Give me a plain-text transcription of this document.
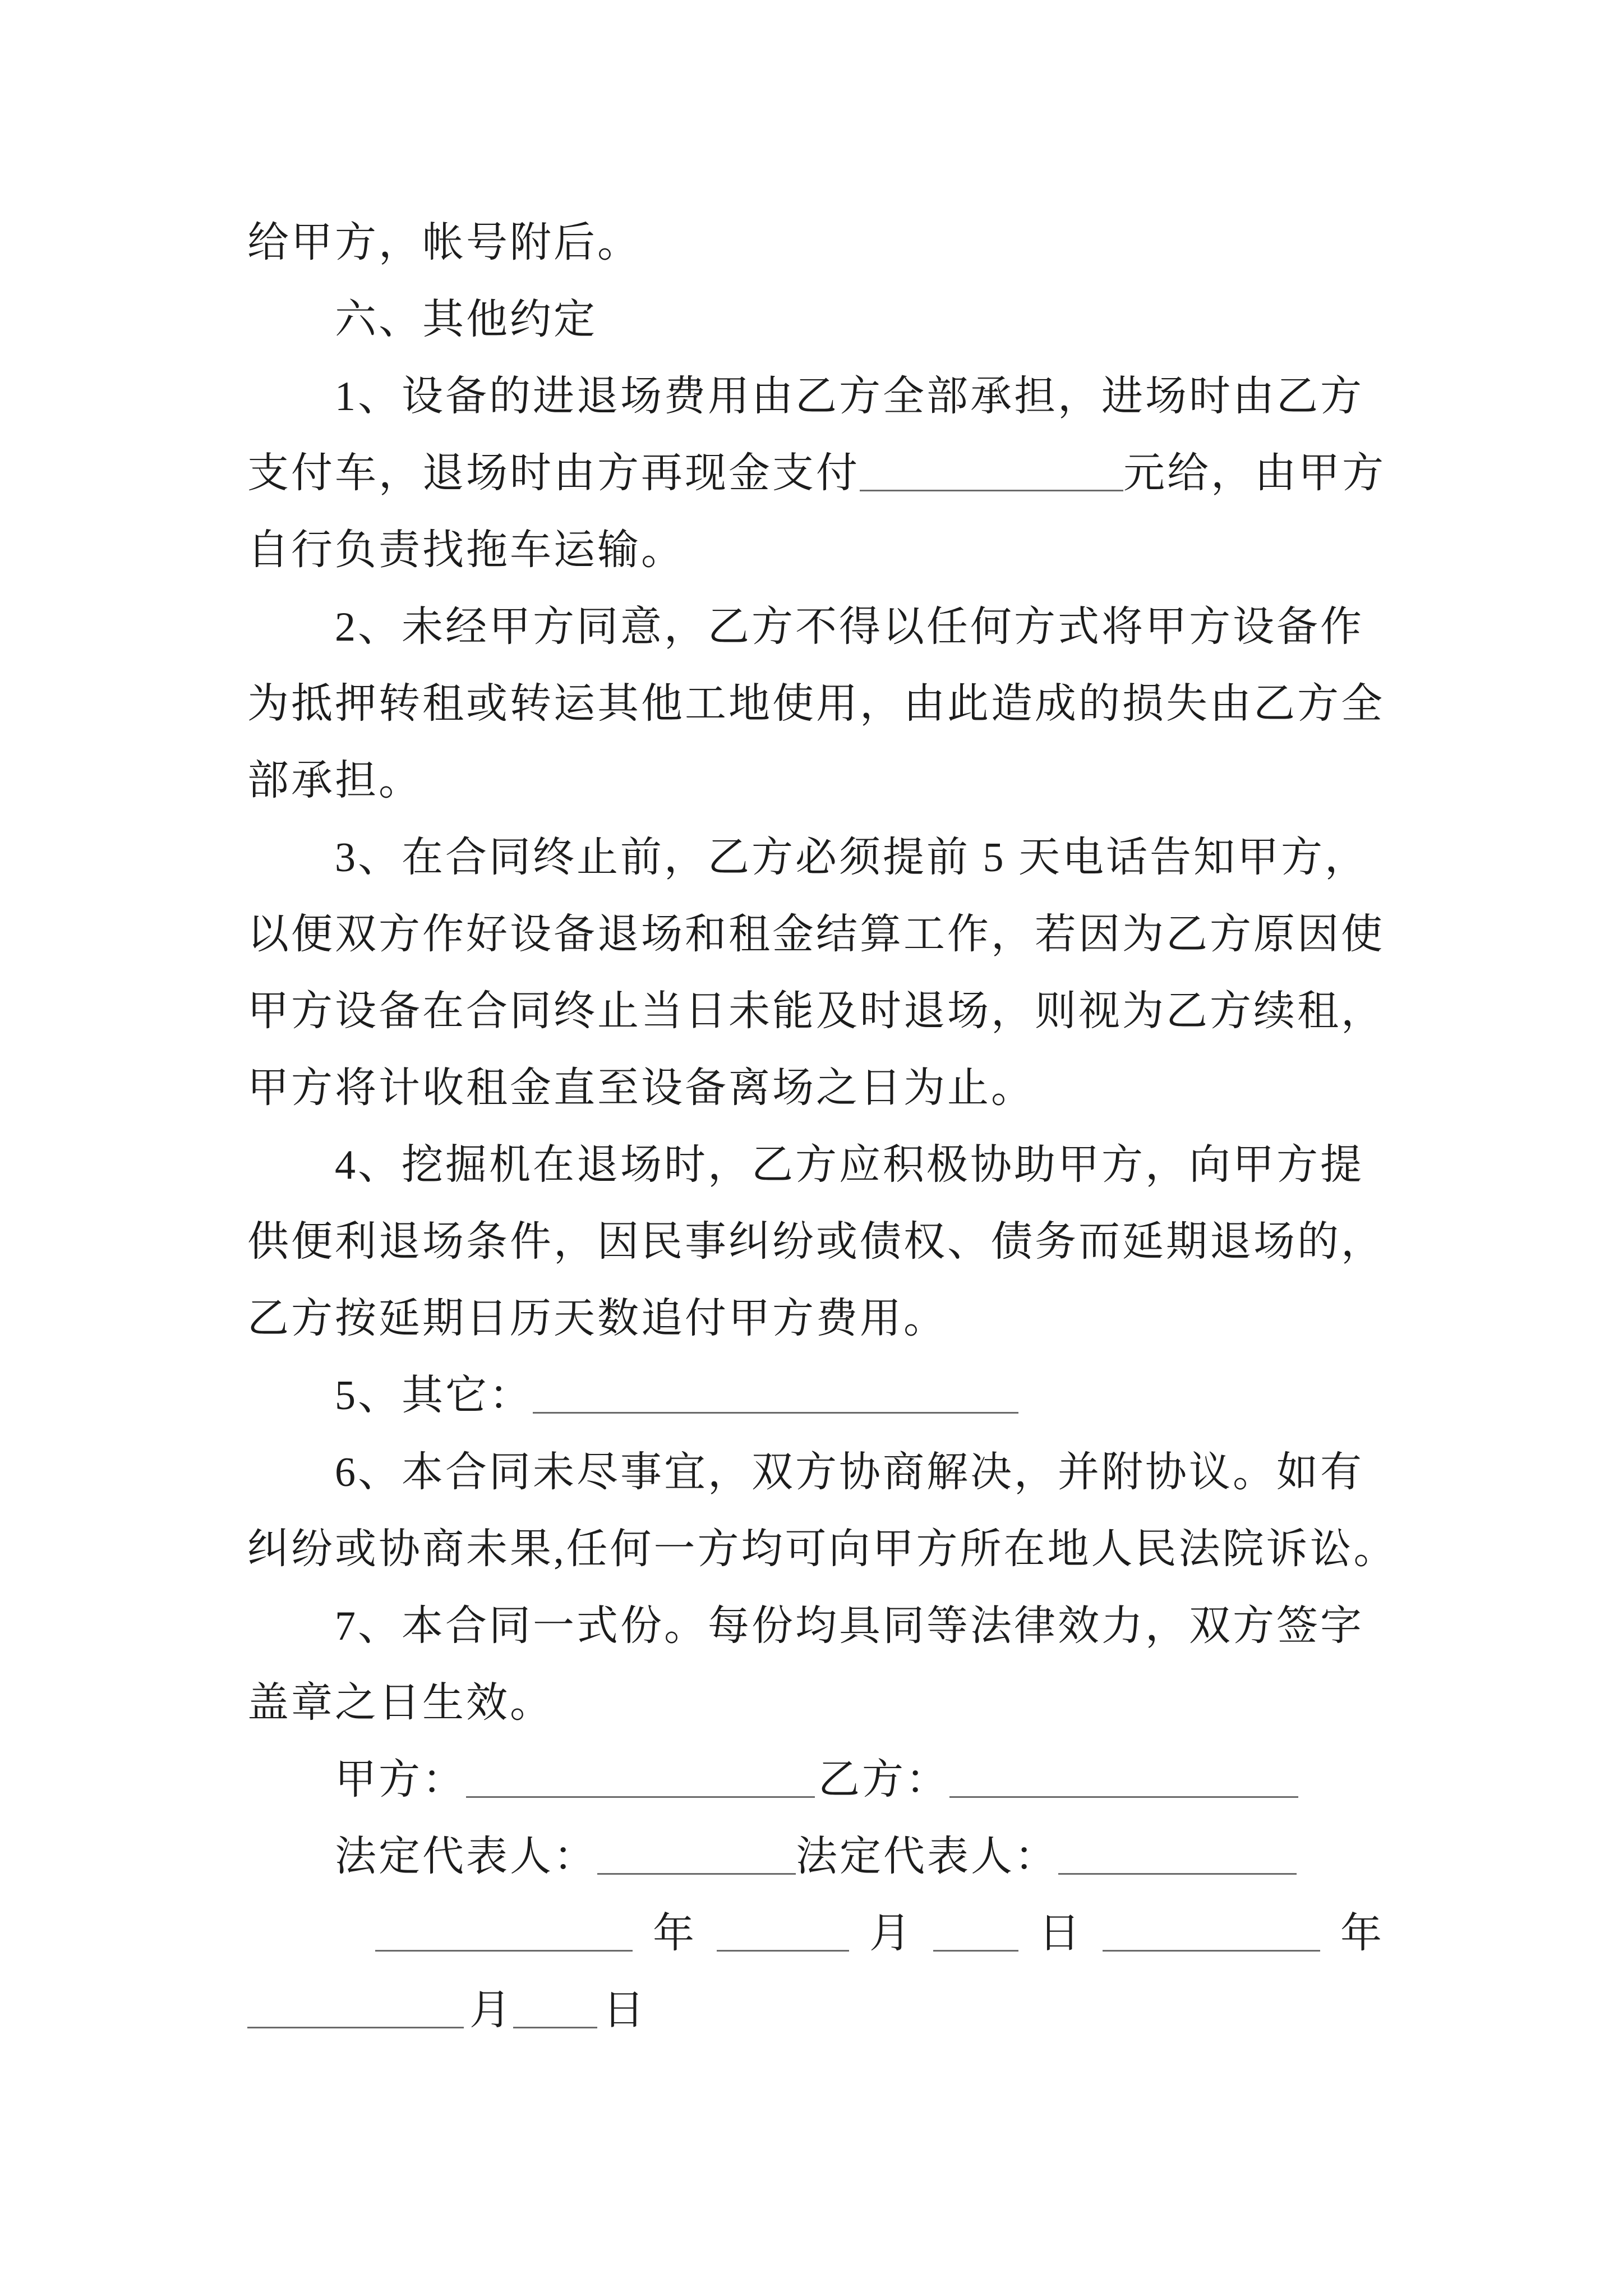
给甲方，帐号附后。
六、其他约定
1、设备的进退场费用由乙方全部承担，进场时由乙方
支付车，退场时由方再现金支付	元给，由甲方
自行负责找拖车运输。
2、未经甲方同意，乙方不得以任何方式将甲方设备作
为抵押转租或转运其他工地使用，由此造成的损失由乙方全
部承担。
3、在合同终止前，乙方必须提前 5 天电话告知甲方，
以便双方作好设备退场和租金结算工作，若因为乙方原因使
甲方设备在合同终止当日未能及时退场，则视为乙方续租，
甲方将计收租金直至设备离场之日为止。
4、挖掘机在退场时，乙方应积极协助甲方，向甲方提
供便利退场条件，因民事纠纷或债权、债务而延期退场的，
乙方按延期日历天数追付甲方费用。
5、其它：
6、本合同未尽事宜，双方协商解决，并附协议。如有
纠纷或协商未果,任何一方均可向甲方所在地人民法院诉讼。
7、本合同一式份。每份均具同等法律效力，双方签字
盖章之日生效。
甲方：	乙方：
法定代表人：	法定代表人：
年	月	日	年
月 日
